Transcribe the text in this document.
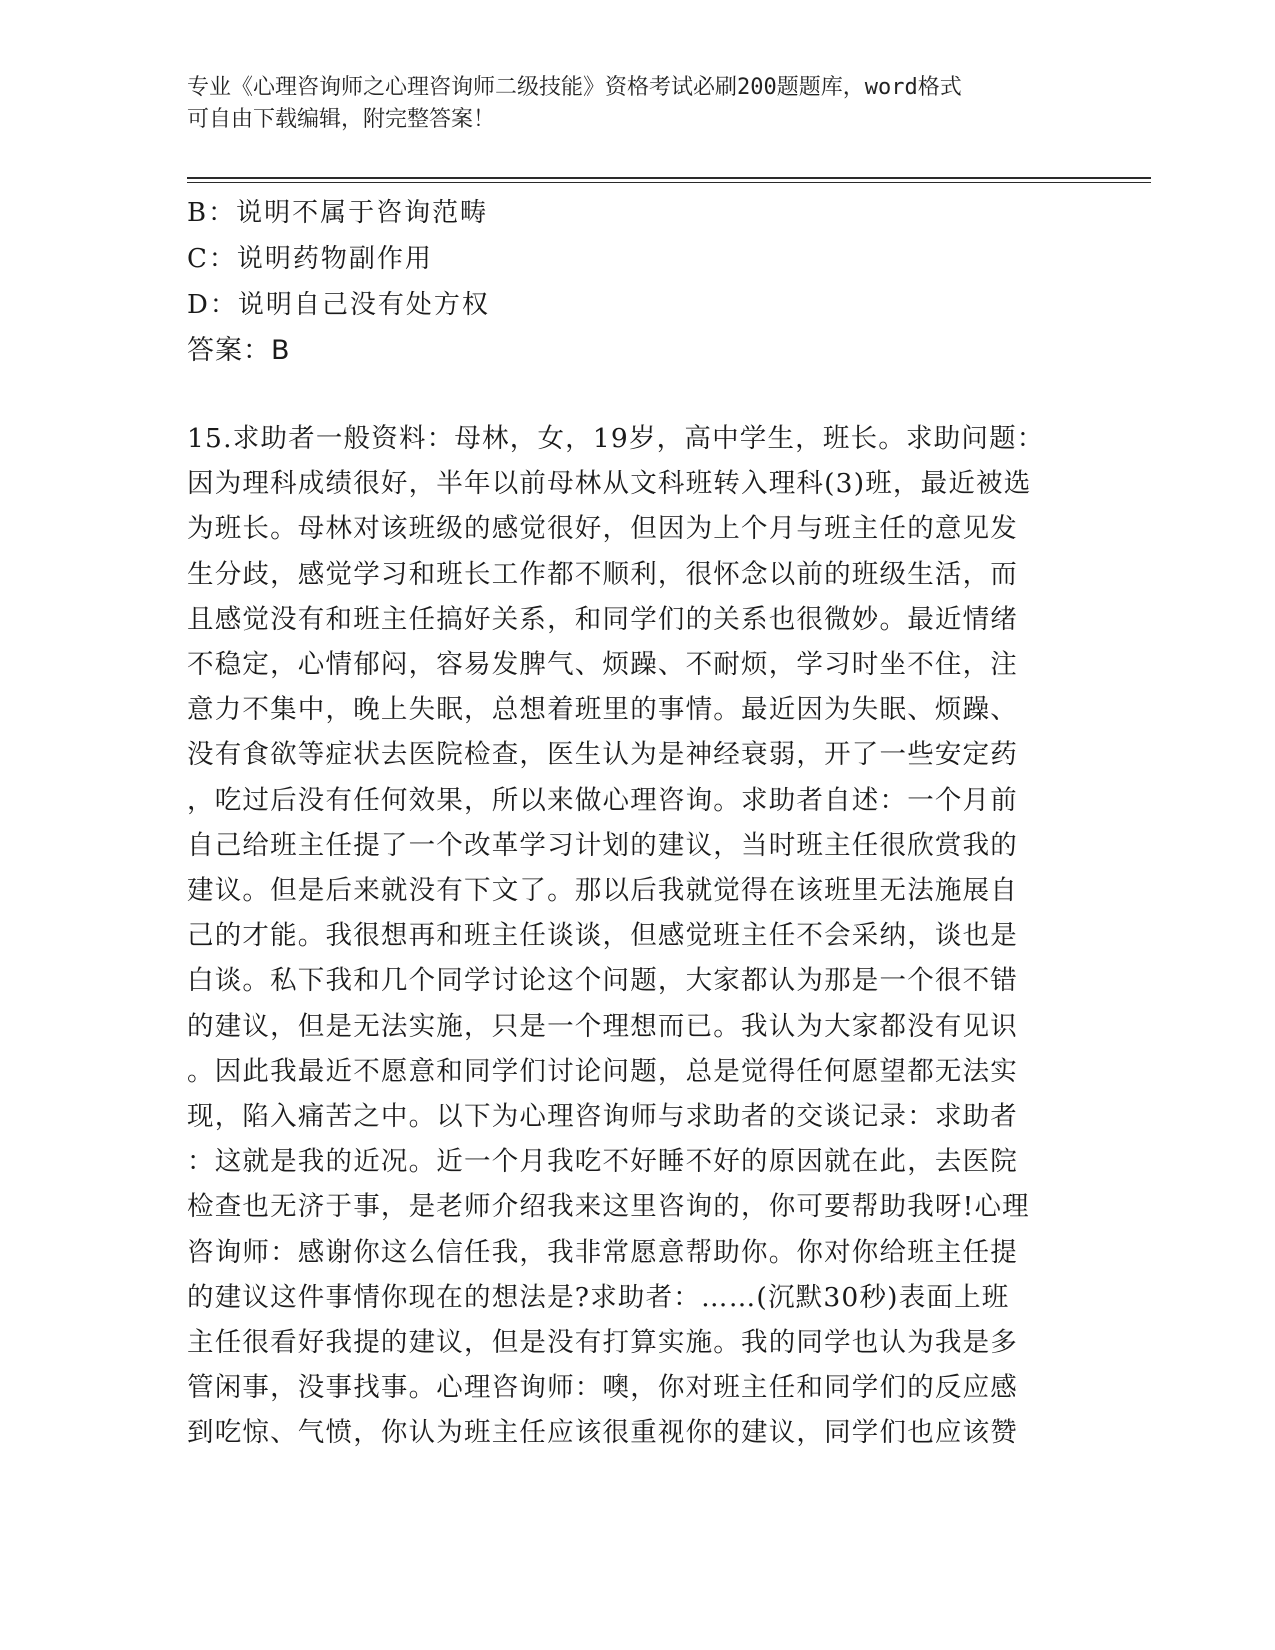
专业《心理咨询师之心理咨询师二级技能》资格考试必刷200题题库，word格式
可自由下载编辑，附完整答案！
B：说明不属于咨询范畴
C：说明药物副作用
D：说明自己没有处方权
答案：B
15.求助者一般资料：母林，女，19岁，高中学生，班长。求助问题：
因为理科成绩很好，半年以前母林从文科班转入理科(3)班，最近被选
为班长。母林对该班级的感觉很好，但因为上个月与班主任的意见发
生分歧，感觉学习和班长工作都不顺利，很怀念以前的班级生活，而
且感觉没有和班主任搞好关系，和同学们的关系也很微妙。最近情绪
不稳定，心情郁闷，容易发脾气、烦躁、不耐烦，学习时坐不住，注
意力不集中，晚上失眠，总想着班里的事情。最近因为失眠、烦躁、
没有食欲等症状去医院检查，医生认为是神经衰弱，开了一些安定药
，吃过后没有任何效果，所以来做心理咨询。求助者自述：一个月前
自己给班主任提了一个改革学习计划的建议，当时班主任很欣赏我的
建议。但是后来就没有下文了。那以后我就觉得在该班里无法施展自
己的才能。我很想再和班主任谈谈，但感觉班主任不会采纳，谈也是
白谈。私下我和几个同学讨论这个问题，大家都认为那是一个很不错
的建议，但是无法实施，只是一个理想而已。我认为大家都没有见识
。因此我最近不愿意和同学们讨论问题，总是觉得任何愿望都无法实
现，陷入痛苦之中。以下为心理咨询师与求助者的交谈记录：求助者
：这就是我的近况。近一个月我吃不好睡不好的原因就在此，去医院
检查也无济于事，是老师介绍我来这里咨询的，你可要帮助我呀!心理
咨询师：感谢你这么信任我，我非常愿意帮助你。你对你给班主任提
的建议这件事情你现在的想法是?求助者：……(沉默30秒)表面上班
主任很看好我提的建议，但是没有打算实施。我的同学也认为我是多
管闲事，没事找事。心理咨询师：噢，你对班主任和同学们的反应感
到吃惊、气愤，你认为班主任应该很重视你的建议，同学们也应该赞
